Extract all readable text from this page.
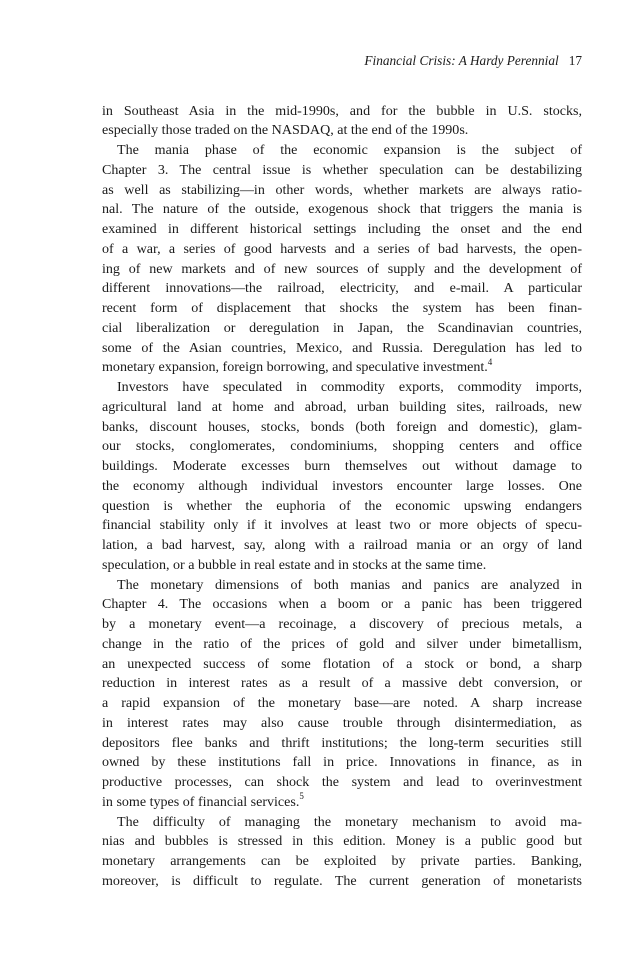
Financial Crisis: A Hardy Perennial 17
in Southeast Asia in the mid-1990s, and for the bubble in U.S. stocks,
especially those traded on the NASDAQ, at the end of the 1990s.
The mania phase of the economic expansion is the subject of
Chapter 3. The central issue is whether speculation can be destabilizing
as well as stabilizing—in other words, whether markets are always ratio-
nal. The nature of the outside, exogenous shock that triggers the mania is
examined in different historical settings including the onset and the end
of a war, a series of good harvests and a series of bad harvests, the open-
ing of new markets and of new sources of supply and the development of
different innovations—the railroad, electricity, and e-mail. A particular
recent form of displacement that shocks the system has been finan-
cial liberalization or deregulation in Japan, the Scandinavian countries,
some of the Asian countries, Mexico, and Russia. Deregulation has led to
monetary expansion, foreign borrowing, and speculative investment.$^4$
Investors have speculated in commodity exports, commodity imports,
agricultural land at home and abroad, urban building sites, railroads, new
banks, discount houses, stocks, bonds (both foreign and domestic), glam-
our stocks, conglomerates, condominiums, shopping centers and office
buildings. Moderate excesses burn themselves out without damage to
the economy although individual investors encounter large losses. One
question is whether the euphoria of the economic upswing endangers
financial stability only if it involves at least two or more objects of specu-
lation, a bad harvest, say, along with a railroad mania or an orgy of land
speculation, or a bubble in real estate and in stocks at the same time.
The monetary dimensions of both manias and panics are analyzed in
Chapter 4. The occasions when a boom or a panic has been triggered
by a monetary event—a recoinage, a discovery of precious metals, a
change in the ratio of the prices of gold and silver under bimetallism,
an unexpected success of some flotation of a stock or bond, a sharp
reduction in interest rates as a result of a massive debt conversion, or
a rapid expansion of the monetary base—are noted. A sharp increase
in interest rates may also cause trouble through disintermediation, as
depositors flee banks and thrift institutions; the long-term securities still
owned by these institutions fall in price. Innovations in finance, as in
productive processes, can shock the system and lead to overinvestment
in some types of financial services.$^5$
The difficulty of managing the monetary mechanism to avoid ma-
nias and bubbles is stressed in this edition. Money is a public good but
monetary arrangements can be exploited by private parties. Banking,
moreover, is difficult to regulate. The current generation of monetarists
